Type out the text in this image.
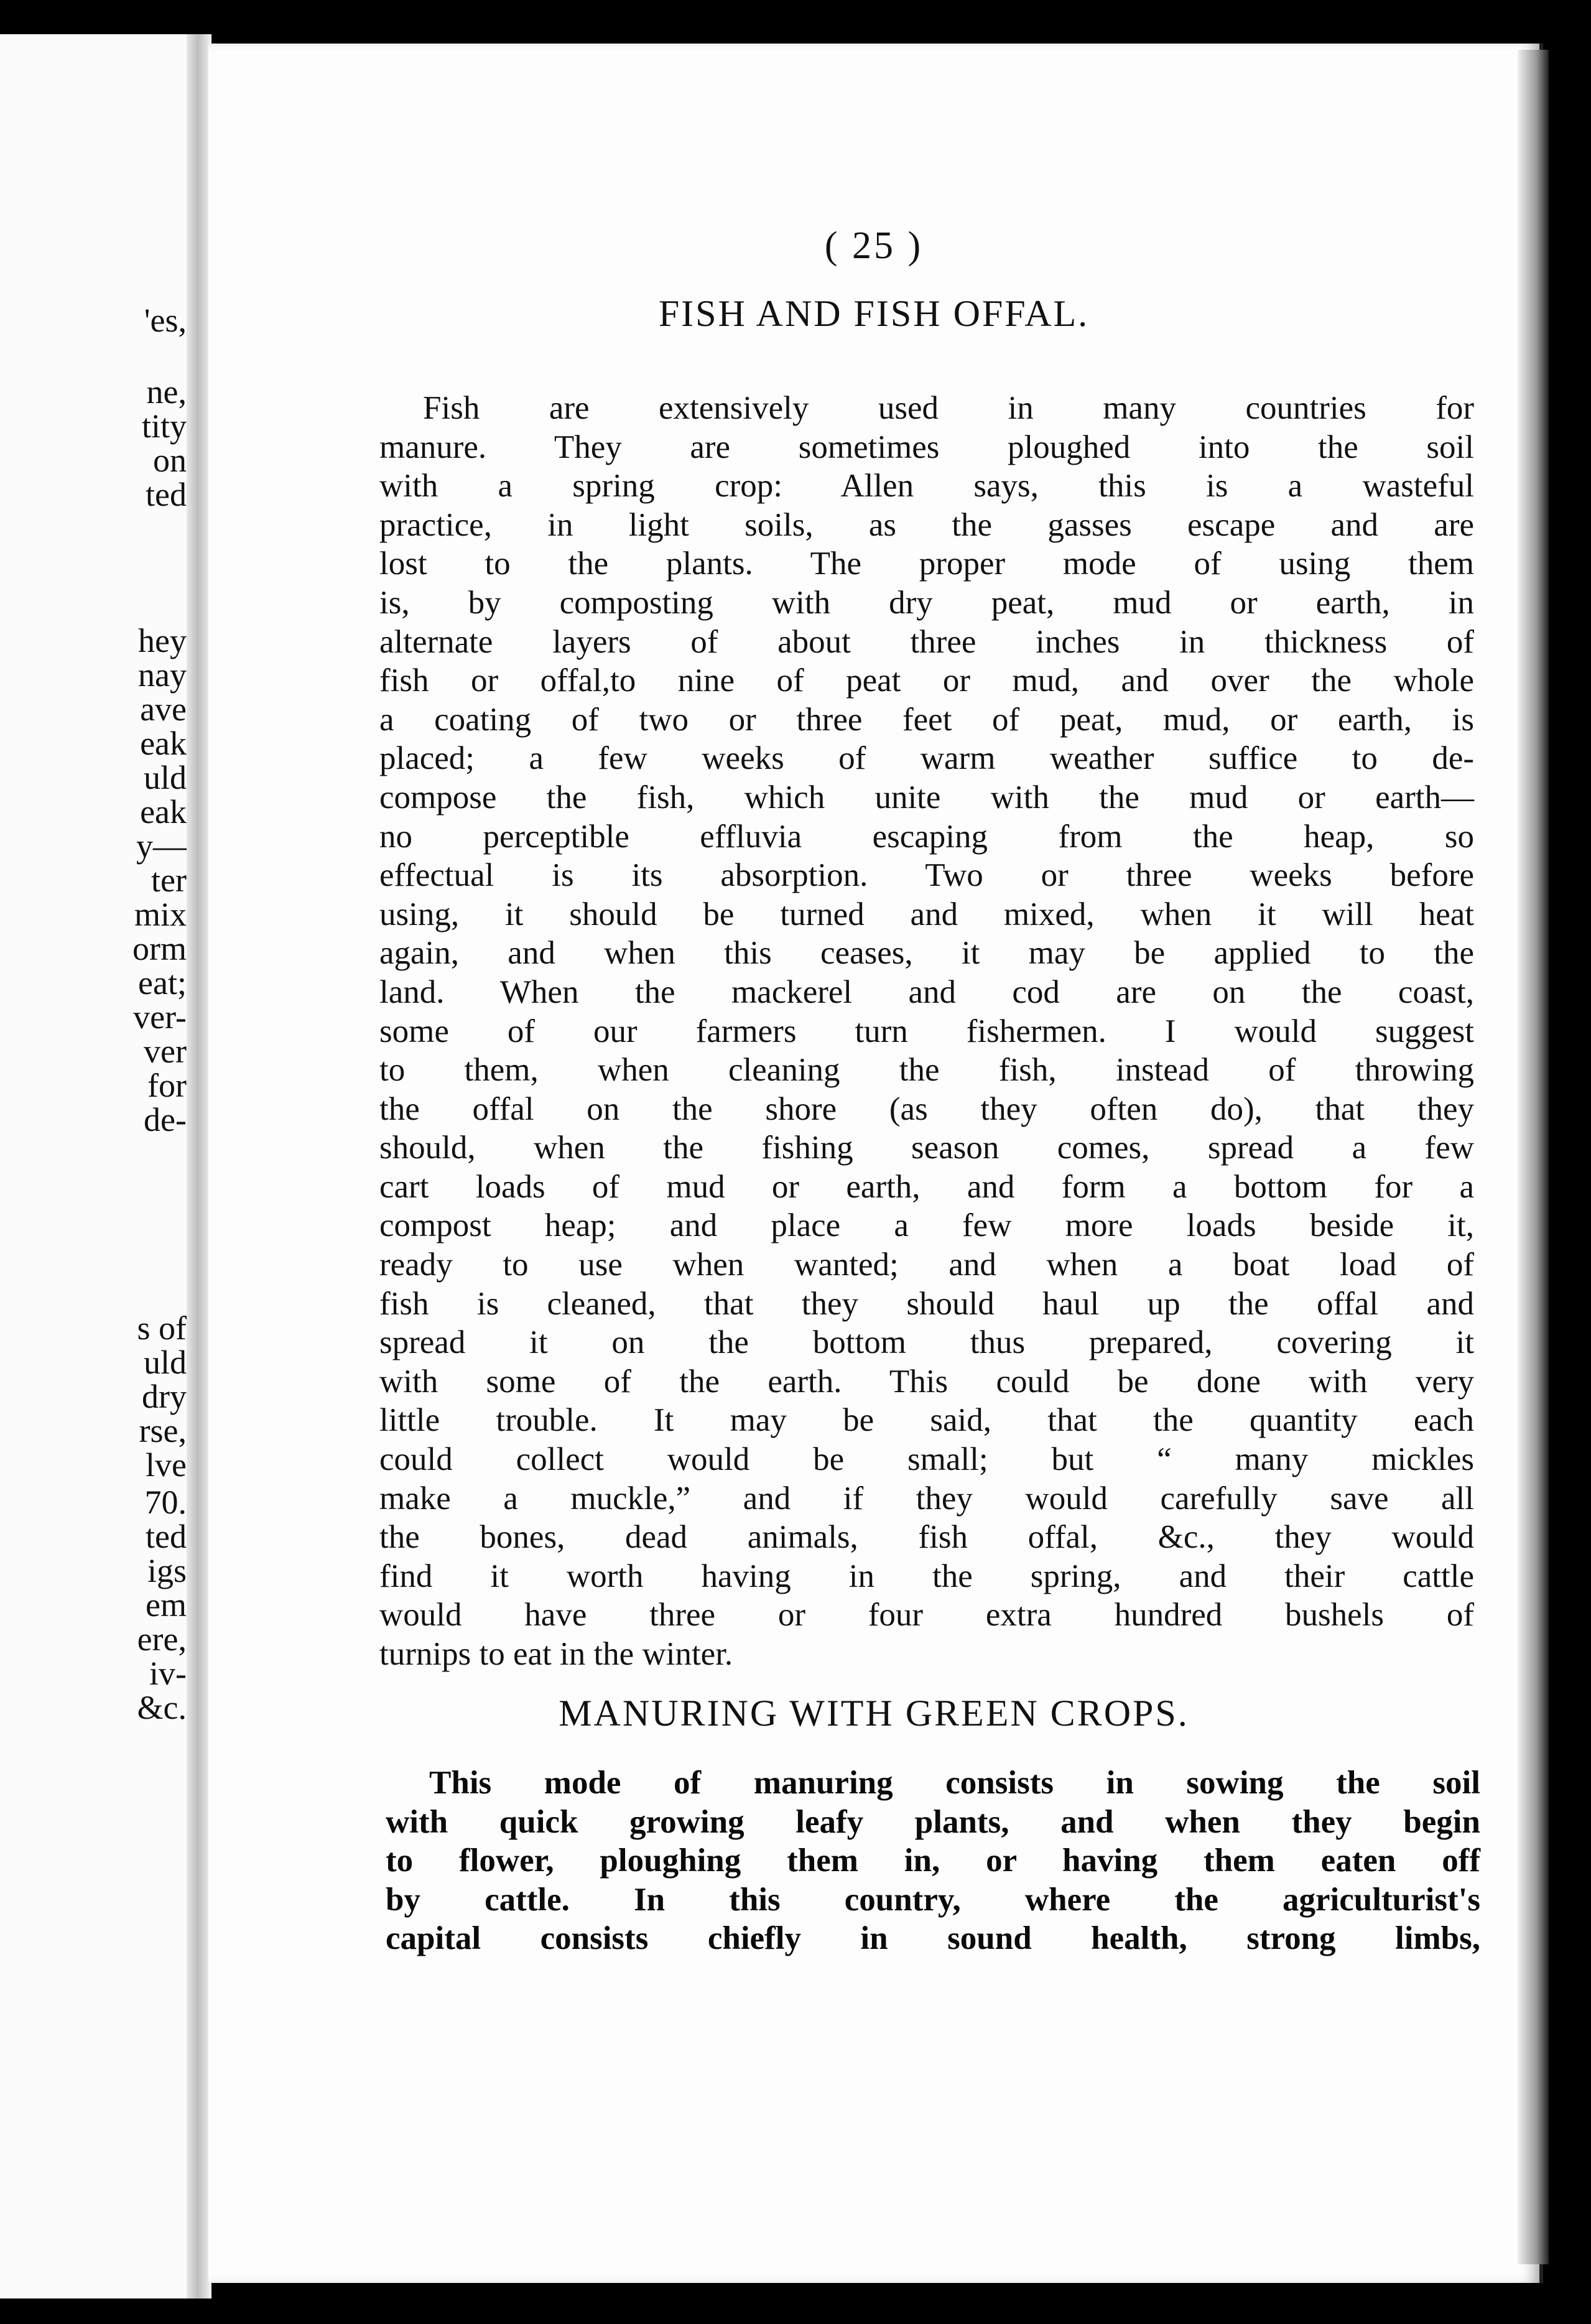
'es,
ne,
tity
on
ted
hey
nay
ave
eak
uld
eak
y—
ter
mix
orm
eat;
ver-
ver
for
de-
s of
uld
dry
rse,
lve
70.
ted
igs
em
ere,
iv-
&c.
( 25 )
FISH AND FISH OFFAL.
Fish are extensively used in many countries for
manure. They are sometimes ploughed into the soil
with a spring crop: Allen says, this is a wasteful
practice, in light soils, as the gasses escape and are
lost to the plants. The proper mode of using them
is, by composting with dry peat, mud or earth, in
alternate layers of about three inches in thickness of
fish or offal,to nine of peat or mud, and over the whole
a coating of two or three feet of peat, mud, or earth, is
placed; a few weeks of warm weather suffice to de-
compose the fish, which unite with the mud or earth—
no perceptible effluvia escaping from the heap, so
effectual is its absorption. Two or three weeks before
using, it should be turned and mixed, when it will heat
again, and when this ceases, it may be applied to the
land. When the mackerel and cod are on the coast,
some of our farmers turn fishermen. I would suggest
to them, when cleaning the fish, instead of throwing
the offal on the shore (as they often do), that they
should, when the fishing season comes, spread a few
cart loads of mud or earth, and form a bottom for a
compost heap; and place a few more loads beside it,
ready to use when wanted; and when a boat load of
fish is cleaned, that they should haul up the offal and
spread it on the bottom thus prepared, covering it
with some of the earth. This could be done with very
little trouble. It may be said, that the quantity each
could collect would be small; but “ many mickles
make a muckle,” and if they would carefully save all
the bones, dead animals, fish offal, &c., they would
find it worth having in the spring, and their cattle
would have three or four extra hundred bushels of
turnips to eat in the winter.
MANURING WITH GREEN CROPS.
This mode of manuring consists in sowing the soil
with quick growing leafy plants, and when they begin
to flower, ploughing them in, or having them eaten off
by cattle. In this country, where the agriculturist's
capital consists chiefly in sound health, strong limbs,
